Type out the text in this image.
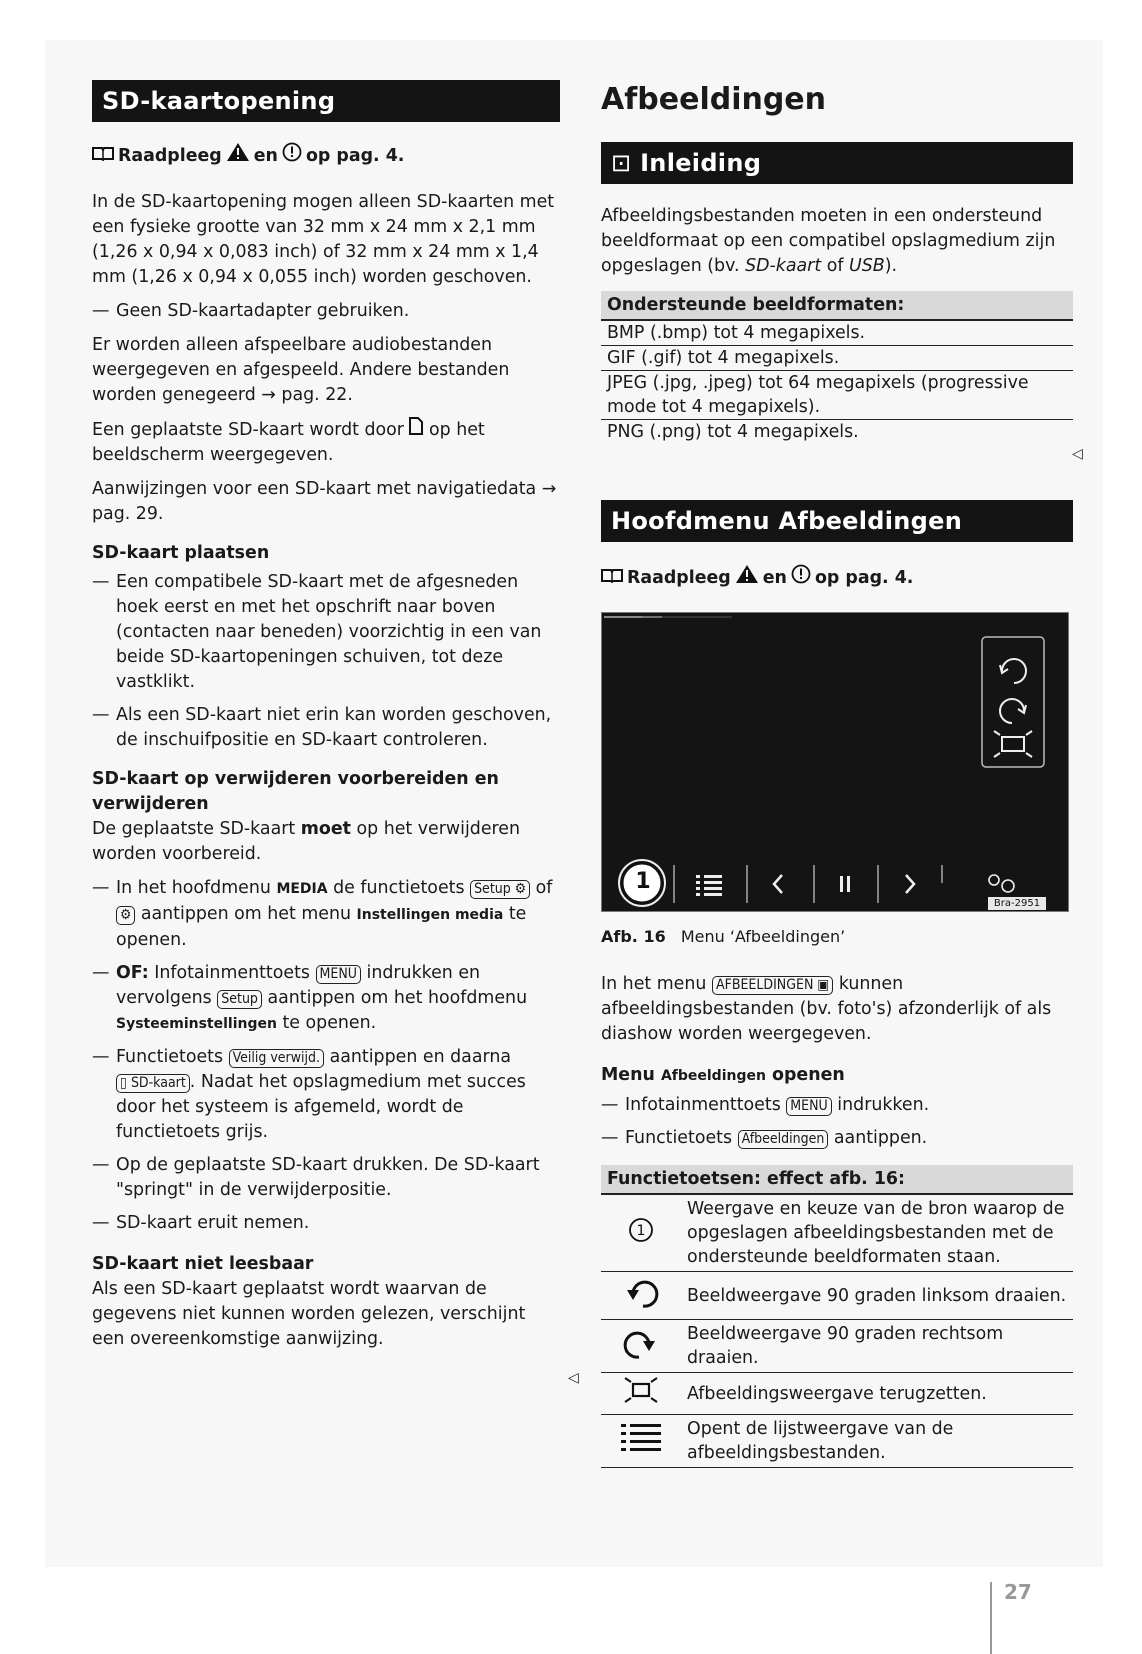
SD-kaartopening
Raadpleeg en op pag. 4.

In de SD-kaartopening mogen alleen SD-kaarten met een fysieke grootte van 32 mm x 24 mm x 2,1 mm (1,26 x 0,94 x 0,083 inch) of 32 mm x 24 mm x 1,4 mm (1,26 x 0,94 x 0,055 inch) worden geschoven.

— Geen SD-kaartadapter gebruiken.

Er worden alleen afspeelbare audiobestanden weergegeven en afgespeeld. Andere bestanden worden genegeerd → pag. 22.

Een geplaatste SD-kaart wordt door op het beeldscherm weergegeven.

Aanwijzingen voor een SD-kaart met navigatiedata → pag. 29.

SD-kaart plaatsen
— Een compatibele SD-kaart met de afgesneden hoek eerst en met het opschrift naar boven (contacten naar beneden) voorzichtig in een van beide SD-kaartopeningen schuiven, tot deze vastklikt.
— Als een SD-kaart niet erin kan worden geschoven, de inschuifpositie en SD-kaart controleren.
SD-kaart op verwijderen voorbereiden en verwijderen

De geplaatste SD-kaart moet op het verwijderen worden voorbereid.

— In het hoofdmenu MEDIA de functietoets Setup ⚙ of ⚙ aantippen om het menu Instellingen media te openen.
— OF: Infotainmenttoets MENU indrukken en vervolgens Setup aantippen om het hoofdmenu Systeeminstellingen te openen.
— Functietoets Veilig verwijd. aantippen en daarna ▯ SD-kaart . Nadat het opslagmedium met succes door het systeem is afgemeld, wordt de functietoets grijs.
— Op de geplaatste SD-kaart drukken. De SD-kaart "springt" in de verwijderpositie.
— SD-kaart eruit nemen.
SD-kaart niet leesbaar

Als een SD-kaart geplaatst wordt waarvan de gegevens niet kunnen worden gelezen, verschijnt een overeenkomstige aanwijzing.

◁
Afbeeldingen
⊡ Inleiding

Afbeeldingsbestanden moeten in een ondersteund beeldformaat op een compatibel opslagmedium zijn opgeslagen (bv. SD-kaart of USB).

Ondersteunde beeldformaten:
BMP (.bmp) tot 4 megapixels.
GIF (.gif) tot 4 megapixels.
JPEG (.jpg, .jpeg) tot 64 megapixels (progressive mode tot 4 megapixels).
PNG (.png) tot 4 megapixels.
Hoofdmenu Afbeeldingen
Raadpleeg en op pag. 4.
1
Bra-2951
Afb. 16 Menu ‘Afbeeldingen’

In het menu AFBEELDINGEN ▣ kunnen afbeeldingsbestanden (bv. foto's) afzonderlijk of als diashow worden weergegeven.

Menu Afbeeldingen openen
— Infotainmenttoets MENU indrukken.
— Functietoets Afbeeldingen aantippen.
Functietoetsen: effect afb. 16:	

1	Weergave en keuze van de bron waarop de opgeslagen afbeeldingsbestanden met de ondersteunde beeldformaten staan.
	Beeldweergave 90 graden linksom draaien.
	Beeldweergave 90 graden rechtsom draaien.
	Afbeeldingsweergave terugzetten.
	Opent de lijstweergave van de afbeeldingsbestanden.
◁
27
